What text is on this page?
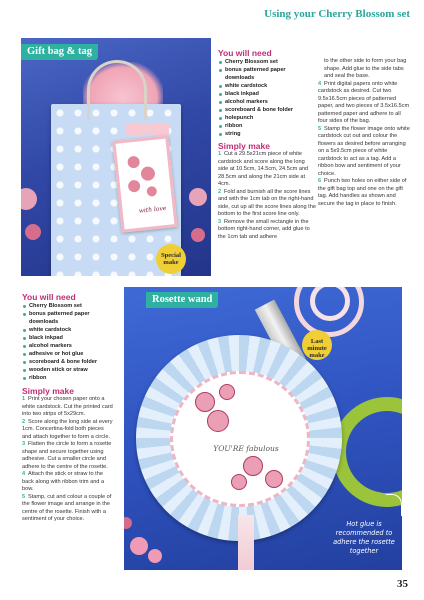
Using your Cherry Blossom set
with love
Gift bag & tag
Special make
You will need
Cherry Blossom set
bonus patterned paper downloads
white cardstock
black inkpad
alcohol markers
scoreboard & bone folder
holepunch
ribbon
string
Simply make
1 Cut a 29.5x21cm piece of white cardstock and score along the long side at 10.5cm, 14.5cm, 24.5cm and 28.5cm and along the 21cm side at 4cm.
2 Fold and burnish all the score lines and with the 1cm tab on the right-hand side, cut up all the score lines along the bottom to the first score line only.
3 Remove the small rectangle in the bottom right-hand corner, add glue to the 1cm tab and adhere
to the other side to form your bag shape. Add glue to the side tabs and seal the base.
4 Print digital papers onto white cardstock as desired. Cut two 9.5x16.5cm pieces of patterned paper, and two pieces of 3.5x16.5cm patterned paper and adhere to all four sides of the bag.
5 Stamp the flower image onto white cardstock cut out and colour the flowers as desired before arranging on a 5x9.5cm piece of white cardstock to act as a tag. Add a ribbon bow and sentiment of your choice.
6 Punch two holes on either side of the gift bag top and one on the gift tag. Add handles as shown and secure the tag in place to finish.
You will need
Cherry Blossom set
bonus patterned paper downloads
white cardstock
black inkpad
alcohol markers
adhesive or hot glue
scoreboard & bone folder
wooden stick or straw
ribbon
Simply make
1 Print your chosen paper onto a white cardstock. Cut the printed card into two strips of 5x29cm.
2 Score along the long side at every 1cm. Concertina-fold both pieces and attach together to form a circle.
3 Flatten the circle to form a rosette shape and secure together using adhesive. Cut a smaller circle and adhere to the centre of the rosette.
4 Attach the stick or straw to the back along with ribbon trim and a bow.
5 Stamp, cut and colour a couple of the flower image and arrange in the centre of the rosette. Finish with a sentiment of your choice.
YOU'RE fabulous
Rosette wand
Last minute make
Hot glue is recommended to adhere the rosette together
35
